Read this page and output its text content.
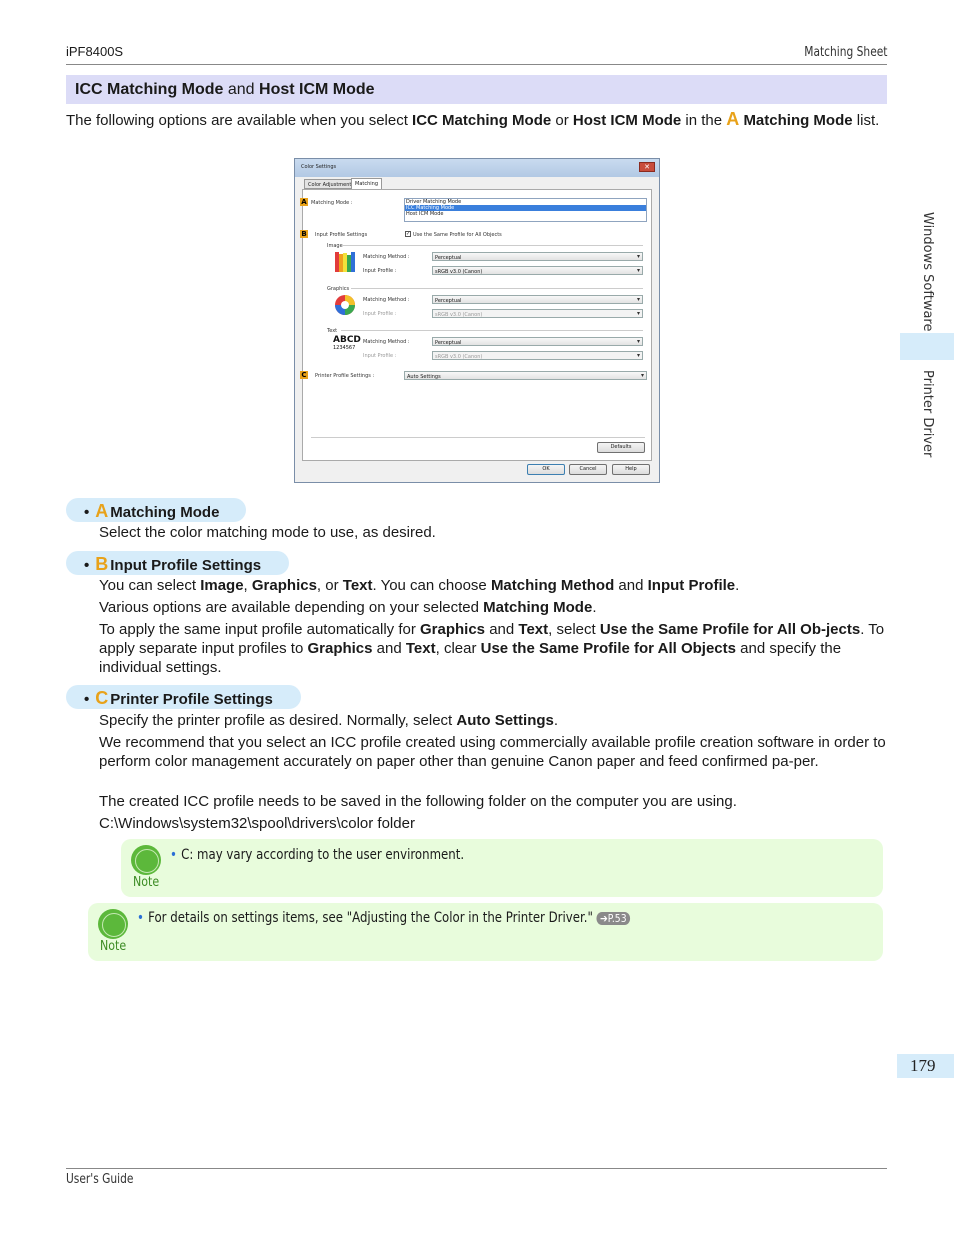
iPF8400S	Matching Sheet
ICC Matching Mode and Host ICM Mode
The following options are available when you select ICC Matching Mode or Host ICM Mode in the A Matching Mode list.
Color Settings	✕
Color Adjustment Matching
A Matching Mode :	Driver Matching Mode
ICC Matching Mode
Host ICM Mode
B Input Profile Settings	✓ Use the Same Profile for All Objects
Image
Matching Method :	Perceptual ▾
Input Profile :	sRGB v3.0 (Canon) ▾
Graphics
Matching Method :	Perceptual ▾
Input Profile :	sRGB v3.0 (Canon) ▾
Text
ABCD
1234567
Matching Method :	Perceptual ▾
Input Profile :	sRGB v3.0 (Canon) ▾
C Printer Profile Settings :	Auto Settings ▾
Defaults
OK	Cancel	Help
• A Matching Mode
Select the color matching mode to use, as desired.
• B Input Profile Settings
You can select Image, Graphics, or Text. You can choose Matching Method and Input Profile.
Various options are available depending on your selected Matching Mode.
To apply the same input profile automatically for Graphics and Text, select Use the Same Profile for All Ob-jects. To apply separate input profiles to Graphics and Text, clear Use the Same Profile for All Objects and specify the individual settings.
• C Printer Profile Settings
Specify the printer profile as desired. Normally, select Auto Settings.
We recommend that you select an ICC profile created using commercially available profile creation software in order to perform color management accurately on paper other than genuine Canon paper and feed confirmed pa-per.
The created ICC profile needs to be saved in the following folder on the computer you are using.
C:\Windows\system32\spool\drivers\color folder
Note
• C: may vary according to the user environment.
Note
• For details on settings items, see "Adjusting the Color in the Printer Driver." ➔P.53
Windows Software
Printer Driver
179
User's Guide
